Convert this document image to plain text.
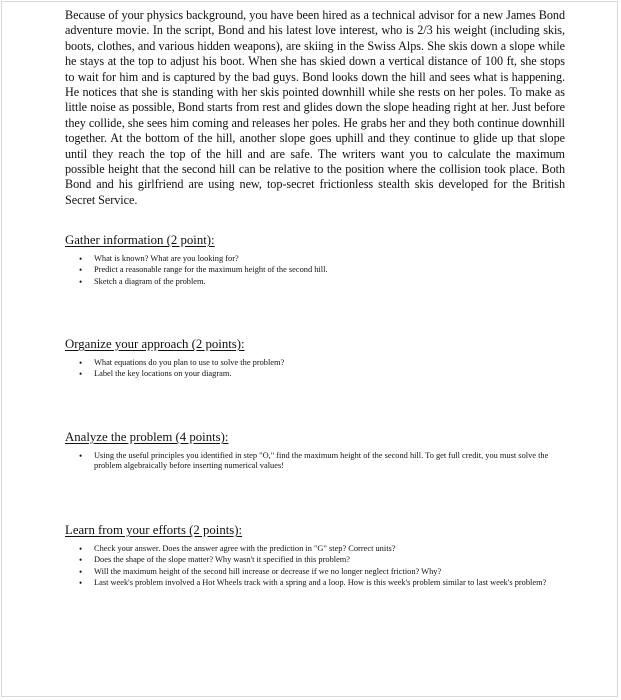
Because of your physics background, you have been hired as a technical advisor for a new James Bond adventure movie. In the script, Bond and his latest love interest, who is 2/3 his weight (including skis, boots, clothes, and various hidden weapons), are skiing in the Swiss Alps. She skis down a slope while he stays at the top to adjust his boot. When she has skied down a vertical distance of 100 ft, she stops to wait for him and is captured by the bad guys. Bond looks down the hill and sees what is happening. He notices that she is standing with her skis pointed downhill while she rests on her poles. To make as little noise as possible, Bond starts from rest and glides down the slope heading right at her. Just before they collide, she sees him coming and releases her poles. He grabs her and they both continue downhill together. At the bottom of the hill, another slope goes uphill and they continue to glide up that slope until they reach the top of the hill and are safe. The writers want you to calculate the maximum possible height that the second hill can be relative to the position where the collision took place. Both Bond and his girlfriend are using new, top-secret frictionless stealth skis developed for the British Secret Service.

Gather information (2 point):

• What is known? What are you looking for?
• Predict a reasonable range for the maximum height of the second hill.
• Sketch a diagram of the problem.

Organize your approach (2 points):

• What equations do you plan to use to solve the problem?
• Label the key locations on your diagram.

Analyze the problem (4 points):

• Using the useful principles you identified in step "O," find the maximum height of the second hill. To get full credit, you must solve the problem algebraically before inserting numerical values!

Learn from your efforts (2 points):

• Check your answer. Does the answer agree with the prediction in "G" step? Correct units?
• Does the shape of the slope matter? Why wasn't it specified in this problem?
• Will the maximum height of the second hill increase or decrease if we no longer neglect friction? Why?
• Last week's problem involved a Hot Wheels track with a spring and a loop. How is this week's problem similar to last week's problem?
